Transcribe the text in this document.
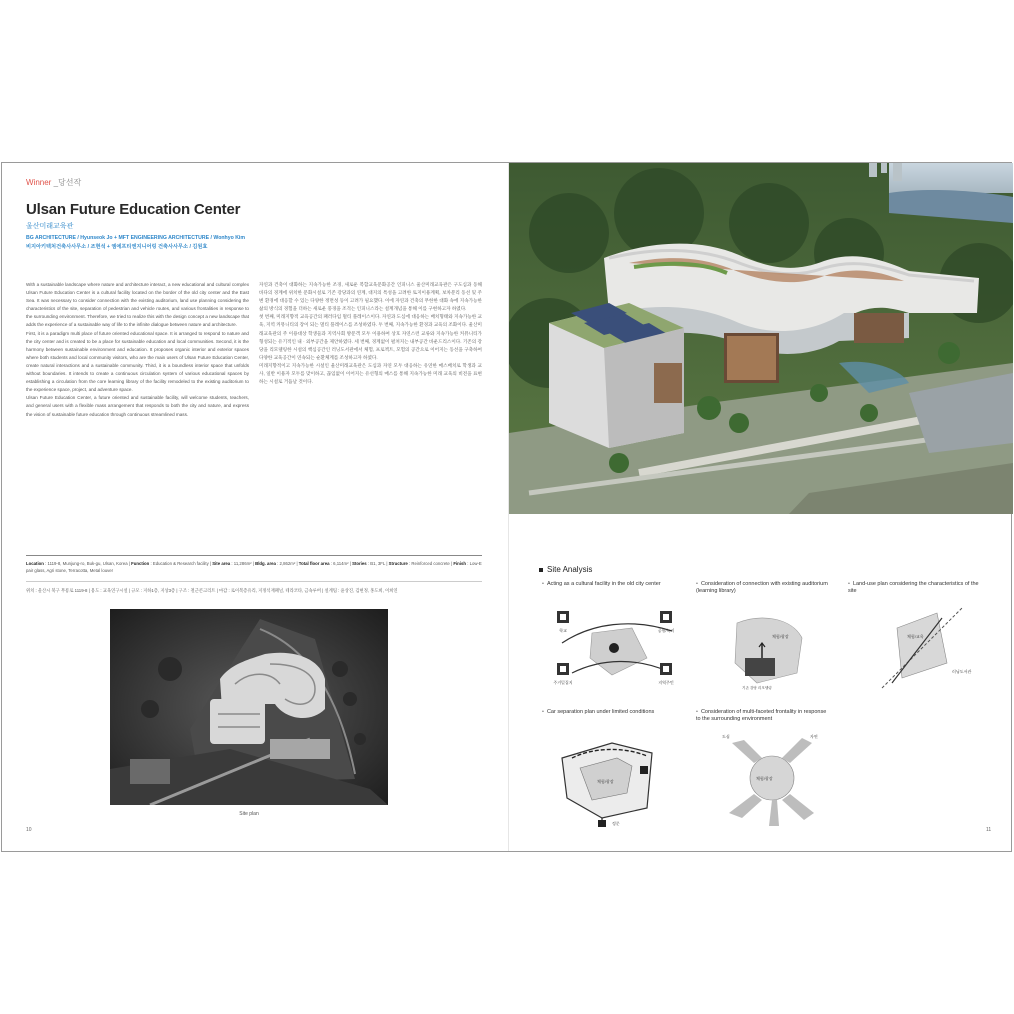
Winner _당선작
Ulsan Future Education Center
울산미래교육관
BG ARCHITECTURE / Hyunseok Jo + MFT ENGINEERING ARCHITECTURE / Wonhyo Kim
비지아키텍처건축사사무소 / 조현석 + 엠에프티엔지니어링 건축사사무소 / 김원효

With a sustainable landscape where nature and architecture interact, a new educational and cultural complex Ulsan Future Education Center is a cultural facility located on the border of the old city center and the East Sea. It was necessary to consider connection with the existing auditorium, land use planning considering the characteristics of the site, separation of pedestrian and vehicle routes, and various frontalities in response to the surrounding environment. Therefore, we tried to realize this with the design concept a new landscape that adds the experience of a sustainable way of life to the infinite dialogue between nature and architecture.

First, it is a paradigm multi place of future oriented educational space. It is arranged to respond to nature and the city center and is created to be a place for sustainable education and local communities. Second, it is the harmony between sustainable environment and education. It proposes organic interior and exterior spaces where both students and local community visitors, who are the main users of Ulsan Future Education Center, create natural interactions and a sustainable community. Third, it is a boundless interior space that unfolds without boundaries. It intends to create a continuous circulation system of various educational spaces by establishing a circulation from the core learning library of the facility remodeled to the existing auditorium to the experience space, project, and adventure space.

Ulsan Future Education Center, a future oriented and sustainable facility, will welcome students, teachers, and general users with a flexible mass arrangement that responds to both the city and nature, and express the vision of sustainable future education through continuous streamlined mass.

자연과 건축이 대화하는 지속가능한 조경, 새로운 복합교육문화공간 인피니스 울산미래교육관은 구도심과 동해 바다의 경계에 위치한 문화시설로 기존 강당과의 연계, 대지의 특성을 고려한 토지이용계획, 보차분리 동선 및 주변 환경에 대응할 수 있는 다양한 정면성 등이 고려가 필요했다. 이에 자연과 건축의 무한한 대화 속에 지속가능한 삶의 방식의 경험을 더하는 새로운 풍경을 조격는 인피니스라는 설계개념을 통해 이를 구현하고자 하였다.

첫 번째, 미래지향적 교육공간의 패러다임 멀티 플레이스이다. 자연과 도심에 대응하는 배치형태와 지속가능한 교육, 지역 커뮤니티의 장이 되는 멀티 플레이스를 조성하였다. 두 번째, 지속가능한 환경과 교육의 조화이다. 울산미래교육관의 주 이용대상 학생들과 지역사회 방문객 모두 이용하여 상호 자연스런 교류와 지속가능한 커뮤니티가 형성되는 유기적인 내 · 외부공간을 제안하였다. 세 번째, 경계없이 펼쳐지는 내부공간 바운드리스이다. 기존의 강당을 리모델링한 시설의 핵심공간인 러닝도서관에서 체험, 프로젝트, 모험의 공간으로 이어지는 동선을 구축하여 다양한 교육공간이 연속되는 순환체계를 조성하고자 하였다.

미래지향적이고 지속가능한 시설인 울산미래교육관은 도심과 자연 모두 대응하는 유연한 매스배치로 학생과 교사, 일반 이용자 모두를 맞이하고, 끊임없이 이어지는 유선형의 매스를 통해 지속가능한 미래 교육의 비전을 표현하는 시설로 거듭날 것이다.

Location : 1119-8, Munjung-ro, Buk-gu, Ulsan, Korea | Function : Education & Research facility | Site area : 11,286m² | Bldg. area : 2,862m² | Total floor area : 6,114m² | Stories : B1, 3FL | Structure : Reinforced concrete | Finish : Low-E pair glass, Agri stone, Terracotta, Metal louver
위치 : 울산시 북구 무룡로 1119-8 | 용도 : 교육연구시설 | 규모 : 지하1층, 지상3층 | 구조 : 철근콘크리트 | 마감 : 로이복층유리, 지정석재패널, 테라코타, 금속루버 | 설계팀 : 윤상진, 김현정, 홍도희, 이희연
Site plan
10
Site Analysis
• Acting as a cultural facility in the old city center	• Consideration of connection with existing auditorium (learning library)
• Land-use plan considering the characteristics of the site
• Car separation plan under limited conditions	• Consideration of multi-faceted frontality in response to the surrounding environment
학교	공원/녹지
주거밀집지	지역주민
체험/광장
기존 강당 리모델링
체험/교육
러닝도서관
체험/광장
정문
체험/광장
도심	자연
11
